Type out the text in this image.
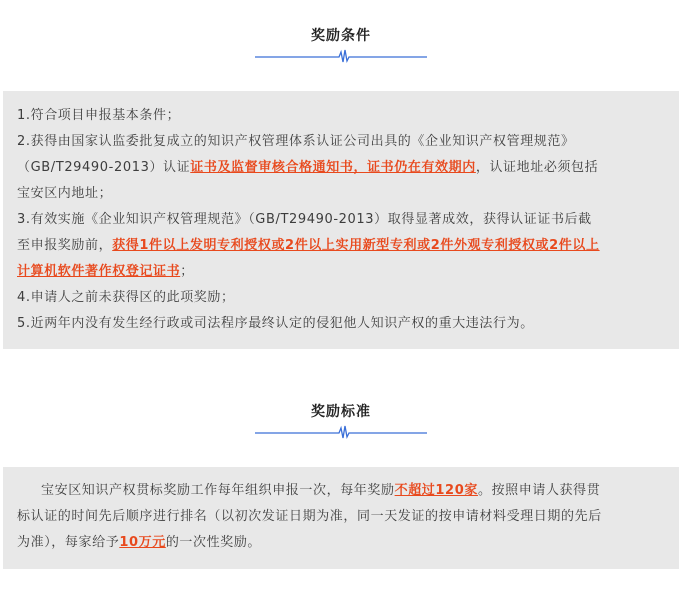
奖励条件
1.符合项目申报基本条件；
2.获得由国家认监委批复成立的知识产权管理体系认证公司出具的《企业知识产权管理规范》
（GB/T29490-2013）认证证书及监督审核合格通知书，证书仍在有效期内，认证地址必须包括
宝安区内地址；
3.有效实施《企业知识产权管理规范》（GB/T29490-2013）取得显著成效，获得认证证书后截
至申报奖励前，获得1件以上发明专利授权或2件以上实用新型专利或2件外观专利授权或2件以上
计算机软件著作权登记证书；
4.申请人之前未获得区的此项奖励；
5.近两年内没有发生经行政或司法程序最终认定的侵犯他人知识产权的重大违法行为。
奖励标准
宝安区知识产权贯标奖励工作每年组织申报一次，每年奖励不超过120家。按照申请人获得贯
标认证的时间先后顺序进行排名（以初次发证日期为准，同一天发证的按申请材料受理日期的先后
为准），每家给予10万元的一次性奖励。
